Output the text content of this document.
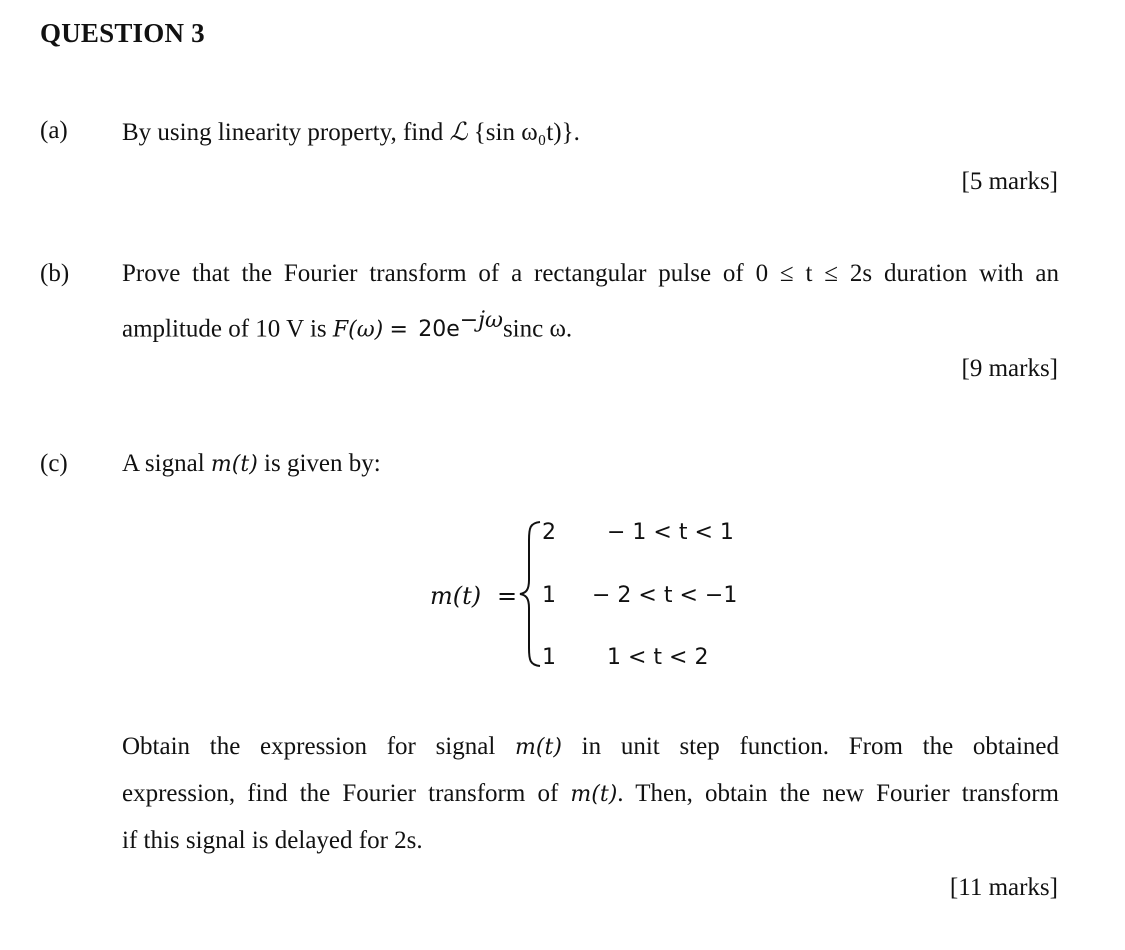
QUESTION 3
(a) By using linearity property, find ℒ {sin ω₀t)}.
[5 marks]
(b) Prove that the Fourier transform of a rectangular pulse of 0 ≤ t ≤ 2s duration with an
amplitude of 10 V is $F(\omega) = 20e^{-j\omega}\sin c$ ω.
[9 marks]
(c) A signal m(t) is given by:
m(t) =
2 − 1 < t < 1
1 − 2 < t < −1
1 1 < t < 2
Obtain the expression for signal m(t) in unit step function. From the obtained
expression, find the Fourier transform of m(t). Then, obtain the new Fourier transform
if this signal is delayed for 2s.
[11 marks]
